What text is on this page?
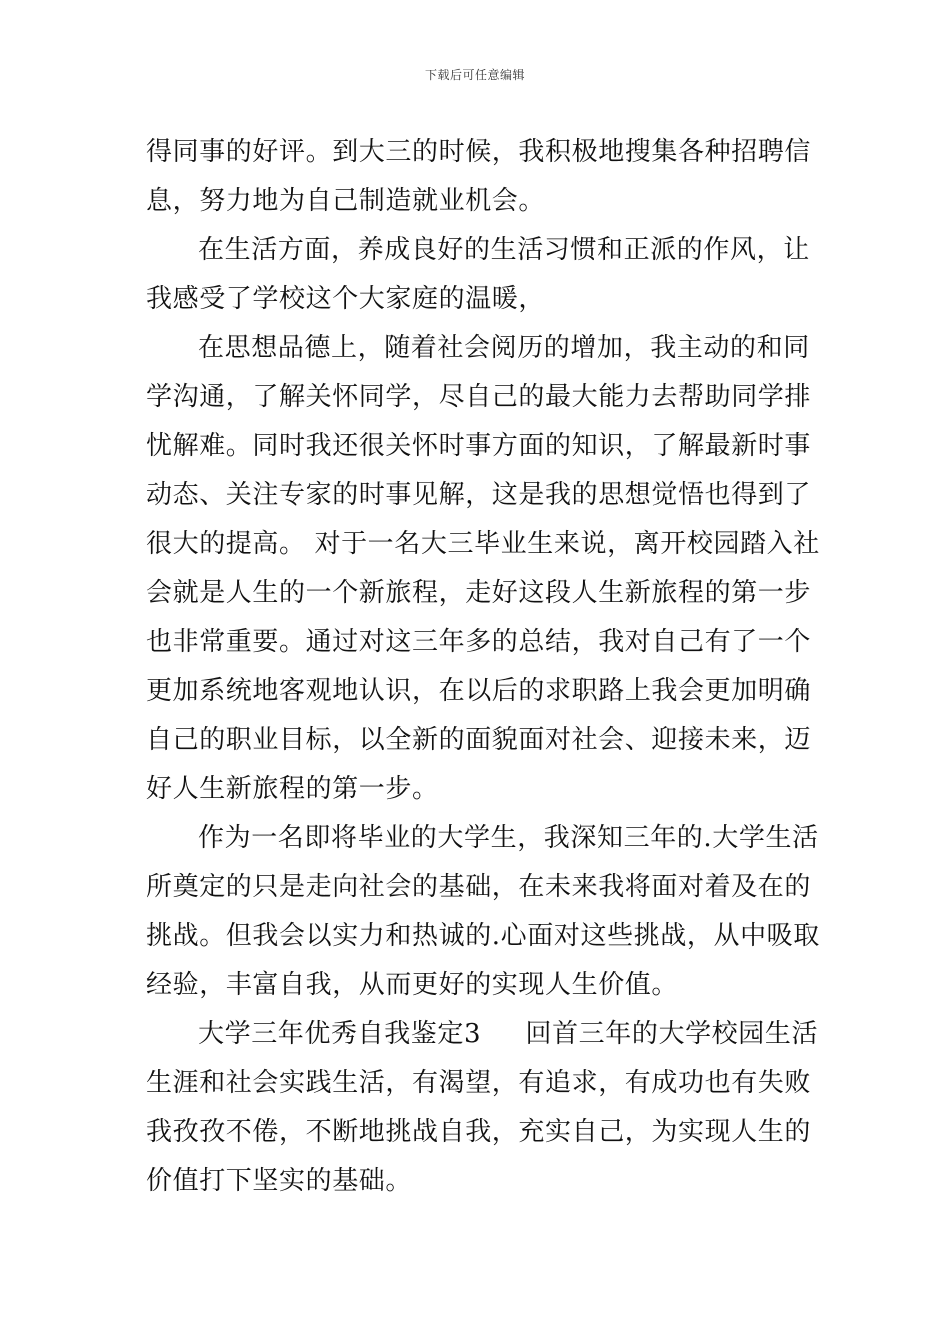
下载后可任意编辑
得同事的好评。到大三的时候，我积极地搜集各种招聘信
息，努力地为自己制造就业机会。
在生活方面，养成良好的生活习惯和正派的作风，让
我感受了学校这个大家庭的温暖，
在思想品德上，随着社会阅历的增加，我主动的和同
学沟通，了解关怀同学，尽自己的最大能力去帮助同学排
忧解难。同时我还很关怀时事方面的知识，了解最新时事
动态、关注专家的时事见解，这是我的思想觉悟也得到了
很大的提高。 对于一名大三毕业生来说，离开校园踏入社
会就是人生的一个新旅程，走好这段人生新旅程的第一步
也非常重要。通过对这三年多的总结，我对自己有了一个
更加系统地客观地认识，在以后的求职路上我会更加明确
自己的职业目标，以全新的面貌面对社会、迎接未来，迈
好人生新旅程的第一步。
作为一名即将毕业的大学生，我深知三年的.大学生活
所奠定的只是走向社会的基础，在未来我将面对着及在的
挑战。但我会以实力和热诚的.心面对这些挑战，从中吸取
经验，丰富自我，从而更好的实现人生价值。
大学三年优秀自我鉴定3     回首三年的大学校园生活
生涯和社会实践生活，有渴望，有追求，有成功也有失败
我孜孜不倦，不断地挑战自我，充实自己，为实现人生的
价值打下坚实的基础。
